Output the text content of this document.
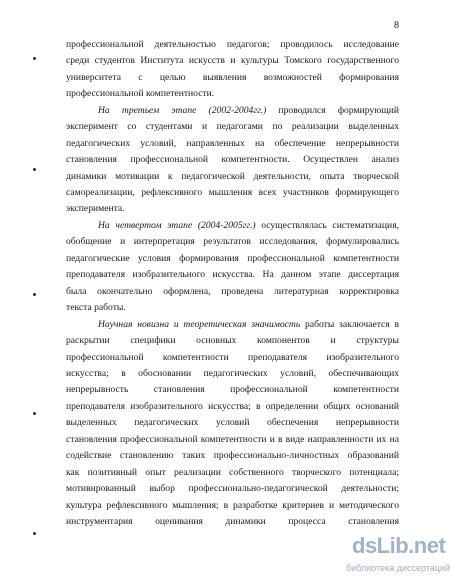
8
профессиональной деятельностью педагогов; проводилось исследование
среди студентов Института искусств и культуры Томского государственного
университета с целью выявления возможностей формирования
профессиональной компетентности.
На третьем этапе (2002-2004гг.) проводился формирующий
эксперимент со студентами и педагогами по реализации выделенных
педагогических условий, направленных на обеспечение непрерывности
становления профессиональной компетентности. Осуществлен анализ
динамики мотивации к педагогической деятельности, опыта творческой
самореализации, рефлексивного мышления всех участников формирующего
эксперимента.
На четвертом этапе (2004-2005гг.) осуществлялась систематизация,
обобщение и интерпретация результатов исследования, формулировались
педагогические условия формирования профессиональной компетентности
преподавателя изобразительного искусства. На данном этапе диссертация
была окончательно оформлена, проведена литературная корректировка
текста работы.
Научная новизна и теоретическая значимость работы заключается в
раскрытии специфики основных компонентов и структуры
профессиональной компетентности преподавателя изобразительного
искусства; в обосновании педагогических условий, обеспечивающих
непрерывность становления профессиональной компетентности
преподавателя изобразительного искусства; в определении общих оснований
выделенных педагогических условий обеспечения непрерывности
становления профессиональной компетентности и в виде направленности их на
содействие становлению таких профессионально-личностных образований
как позитивный опыт реализации собственного творческого потенциала;
мотивированный выбор профессионально-педагогической деятельности;
культура рефлексивного мышления; в разработке критериев и методического
инструментария оценивания динамики процесса становления
dsLib.net
библиотека диссертаций
